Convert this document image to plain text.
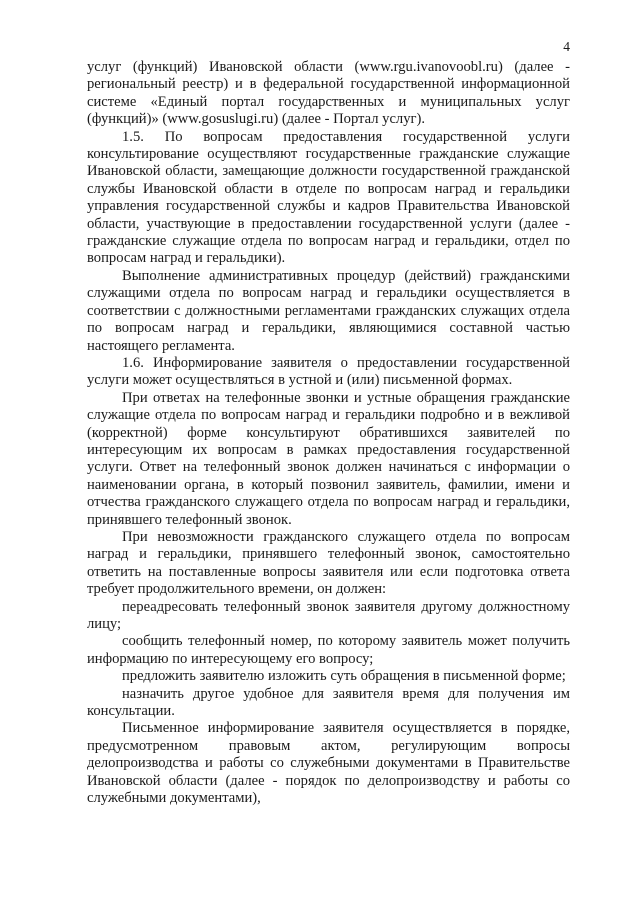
4

услуг (функций) Ивановской области (www.rgu.ivanovoobl.ru) (далее - региональный реестр) и в федеральной государственной информационной системе «Единый портал государственных и муниципальных услуг (функций)» (www.gosuslugi.ru) (далее - Портал услуг).

1.5. По вопросам предоставления государственной услуги консультирование осуществляют государственные гражданские служащие Ивановской области, замещающие должности государственной гражданской службы Ивановской области в отделе по вопросам наград и геральдики управления государственной службы и кадров Правительства Ивановской области, участвующие в предоставлении государственной услуги (далее - гражданские служащие отдела по вопросам наград и геральдики, отдел по вопросам наград и геральдики).

Выполнение административных процедур (действий) гражданскими служащими отдела по вопросам наград и геральдики осуществляется в соответствии с должностными регламентами гражданских служащих отдела по вопросам наград и геральдики, являющимися составной частью настоящего регламента.

1.6. Информирование заявителя о предоставлении государственной услуги может осуществляться в устной и (или) письменной формах.

При ответах на телефонные звонки и устные обращения гражданские служащие отдела по вопросам наград и геральдики подробно и в вежливой (корректной) форме консультируют обратившихся заявителей по интересующим их вопросам в рамках предоставления государственной услуги. Ответ на телефонный звонок должен начинаться с информации о наименовании органа, в который позвонил заявитель, фамилии, имени и отчества гражданского служащего отдела по вопросам наград и геральдики, принявшего телефонный звонок.

При невозможности гражданского служащего отдела по вопросам наград и геральдики, принявшего телефонный звонок, самостоятельно ответить на поставленные вопросы заявителя или если подготовка ответа требует продолжительного времени, он должен:

переадресовать телефонный звонок заявителя другому должностному лицу;

сообщить телефонный номер, по которому заявитель может получить информацию по интересующему его вопросу;

предложить заявителю изложить суть обращения в письменной форме;

назначить другое удобное для заявителя время для получения им консультации.

Письменное информирование заявителя осуществляется в порядке, предусмотренном правовым актом, регулирующим вопросы делопроизводства и работы со служебными документами в Правительстве Ивановской области (далее - порядок по делопроизводству и работы со служебными документами),
